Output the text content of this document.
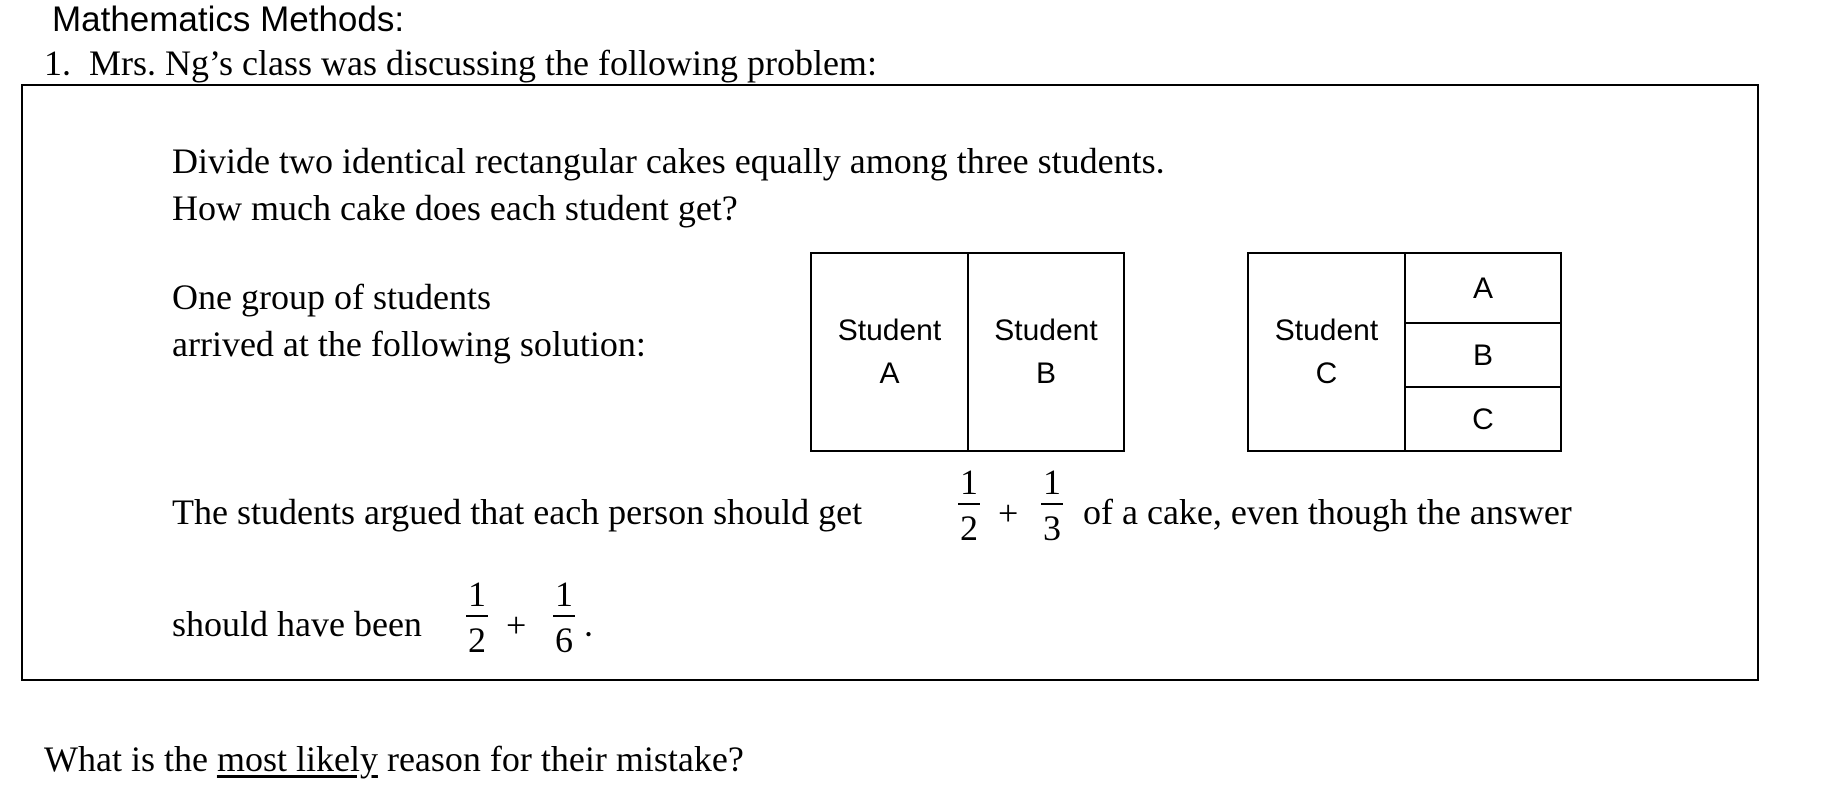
Mathematics Methods:
1. Mrs. Ng’s class was discussing the following problem:
Divide two identical rectangular cakes equally among three students.
How much cake does each student get?
One group of students
arrived at the following solution:	Student
A
Student
B
Student
C
A
B
C
The students argued that each person should get
1
2 +
1
3 of a cake, even though the answer
should have been
1
2 +
1
6 .
What is the most likely reason for their mistake?
